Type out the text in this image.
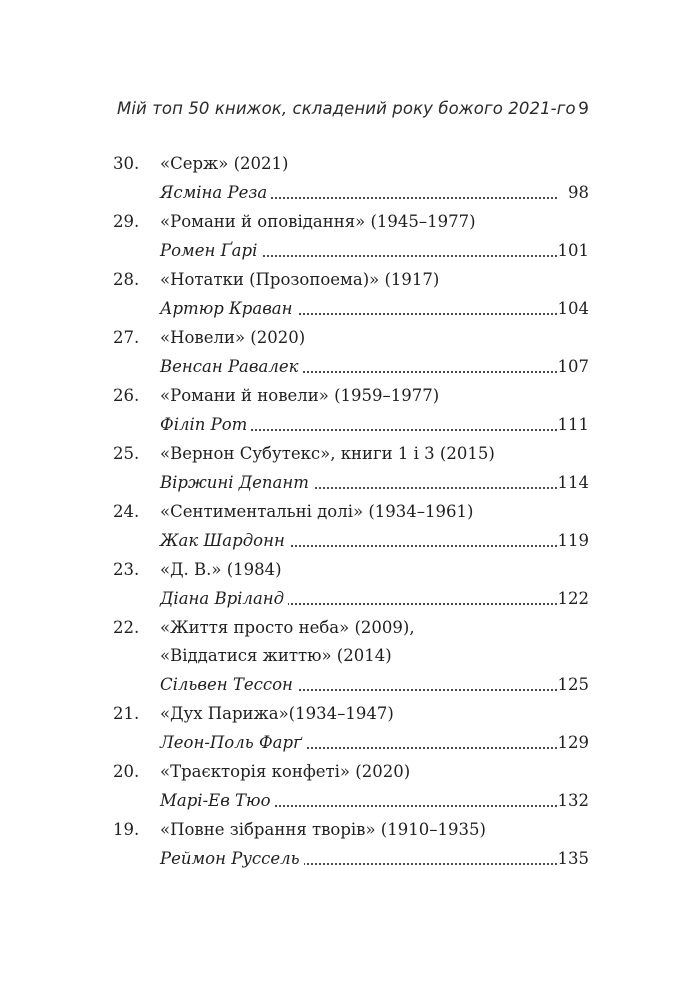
Мій топ 50 книжок, складений року божого 2021-го 9
30.	«Серж» (2021)
Ясміна Реза	98
29.	«Романи й оповідання» (1945–1977)
Ромен Ґарі	101
28.	«Нотатки (Прозопоема)» (1917)
Артюр Краван	104
27.	«Новели» (2020)
Венсан Равалек	107
26.	«Романи й новели» (1959–1977)
Філіп Рот	111
25.	«Вернон Субутекс», книги 1 і 3 (2015)
Віржині Депант	114
24.	«Сентиментальні долі» (1934–1961)
Жак Шардонн	119
23.	«Д. В.» (1984)
Діана Вріланд	122
22.	«Життя просто неба» (2009),
«Віддатися життю» (2014)
Сільвен Тессон	125
21.	«Дух Парижа»(1934–1947)
Леон-Поль Фарґ	129
20.	«Траєкторія конфеті» (2020)
Марі-Ев Тюо	132
19.	«Повне зібрання творів» (1910–1935)
Реймон Руссель	135
